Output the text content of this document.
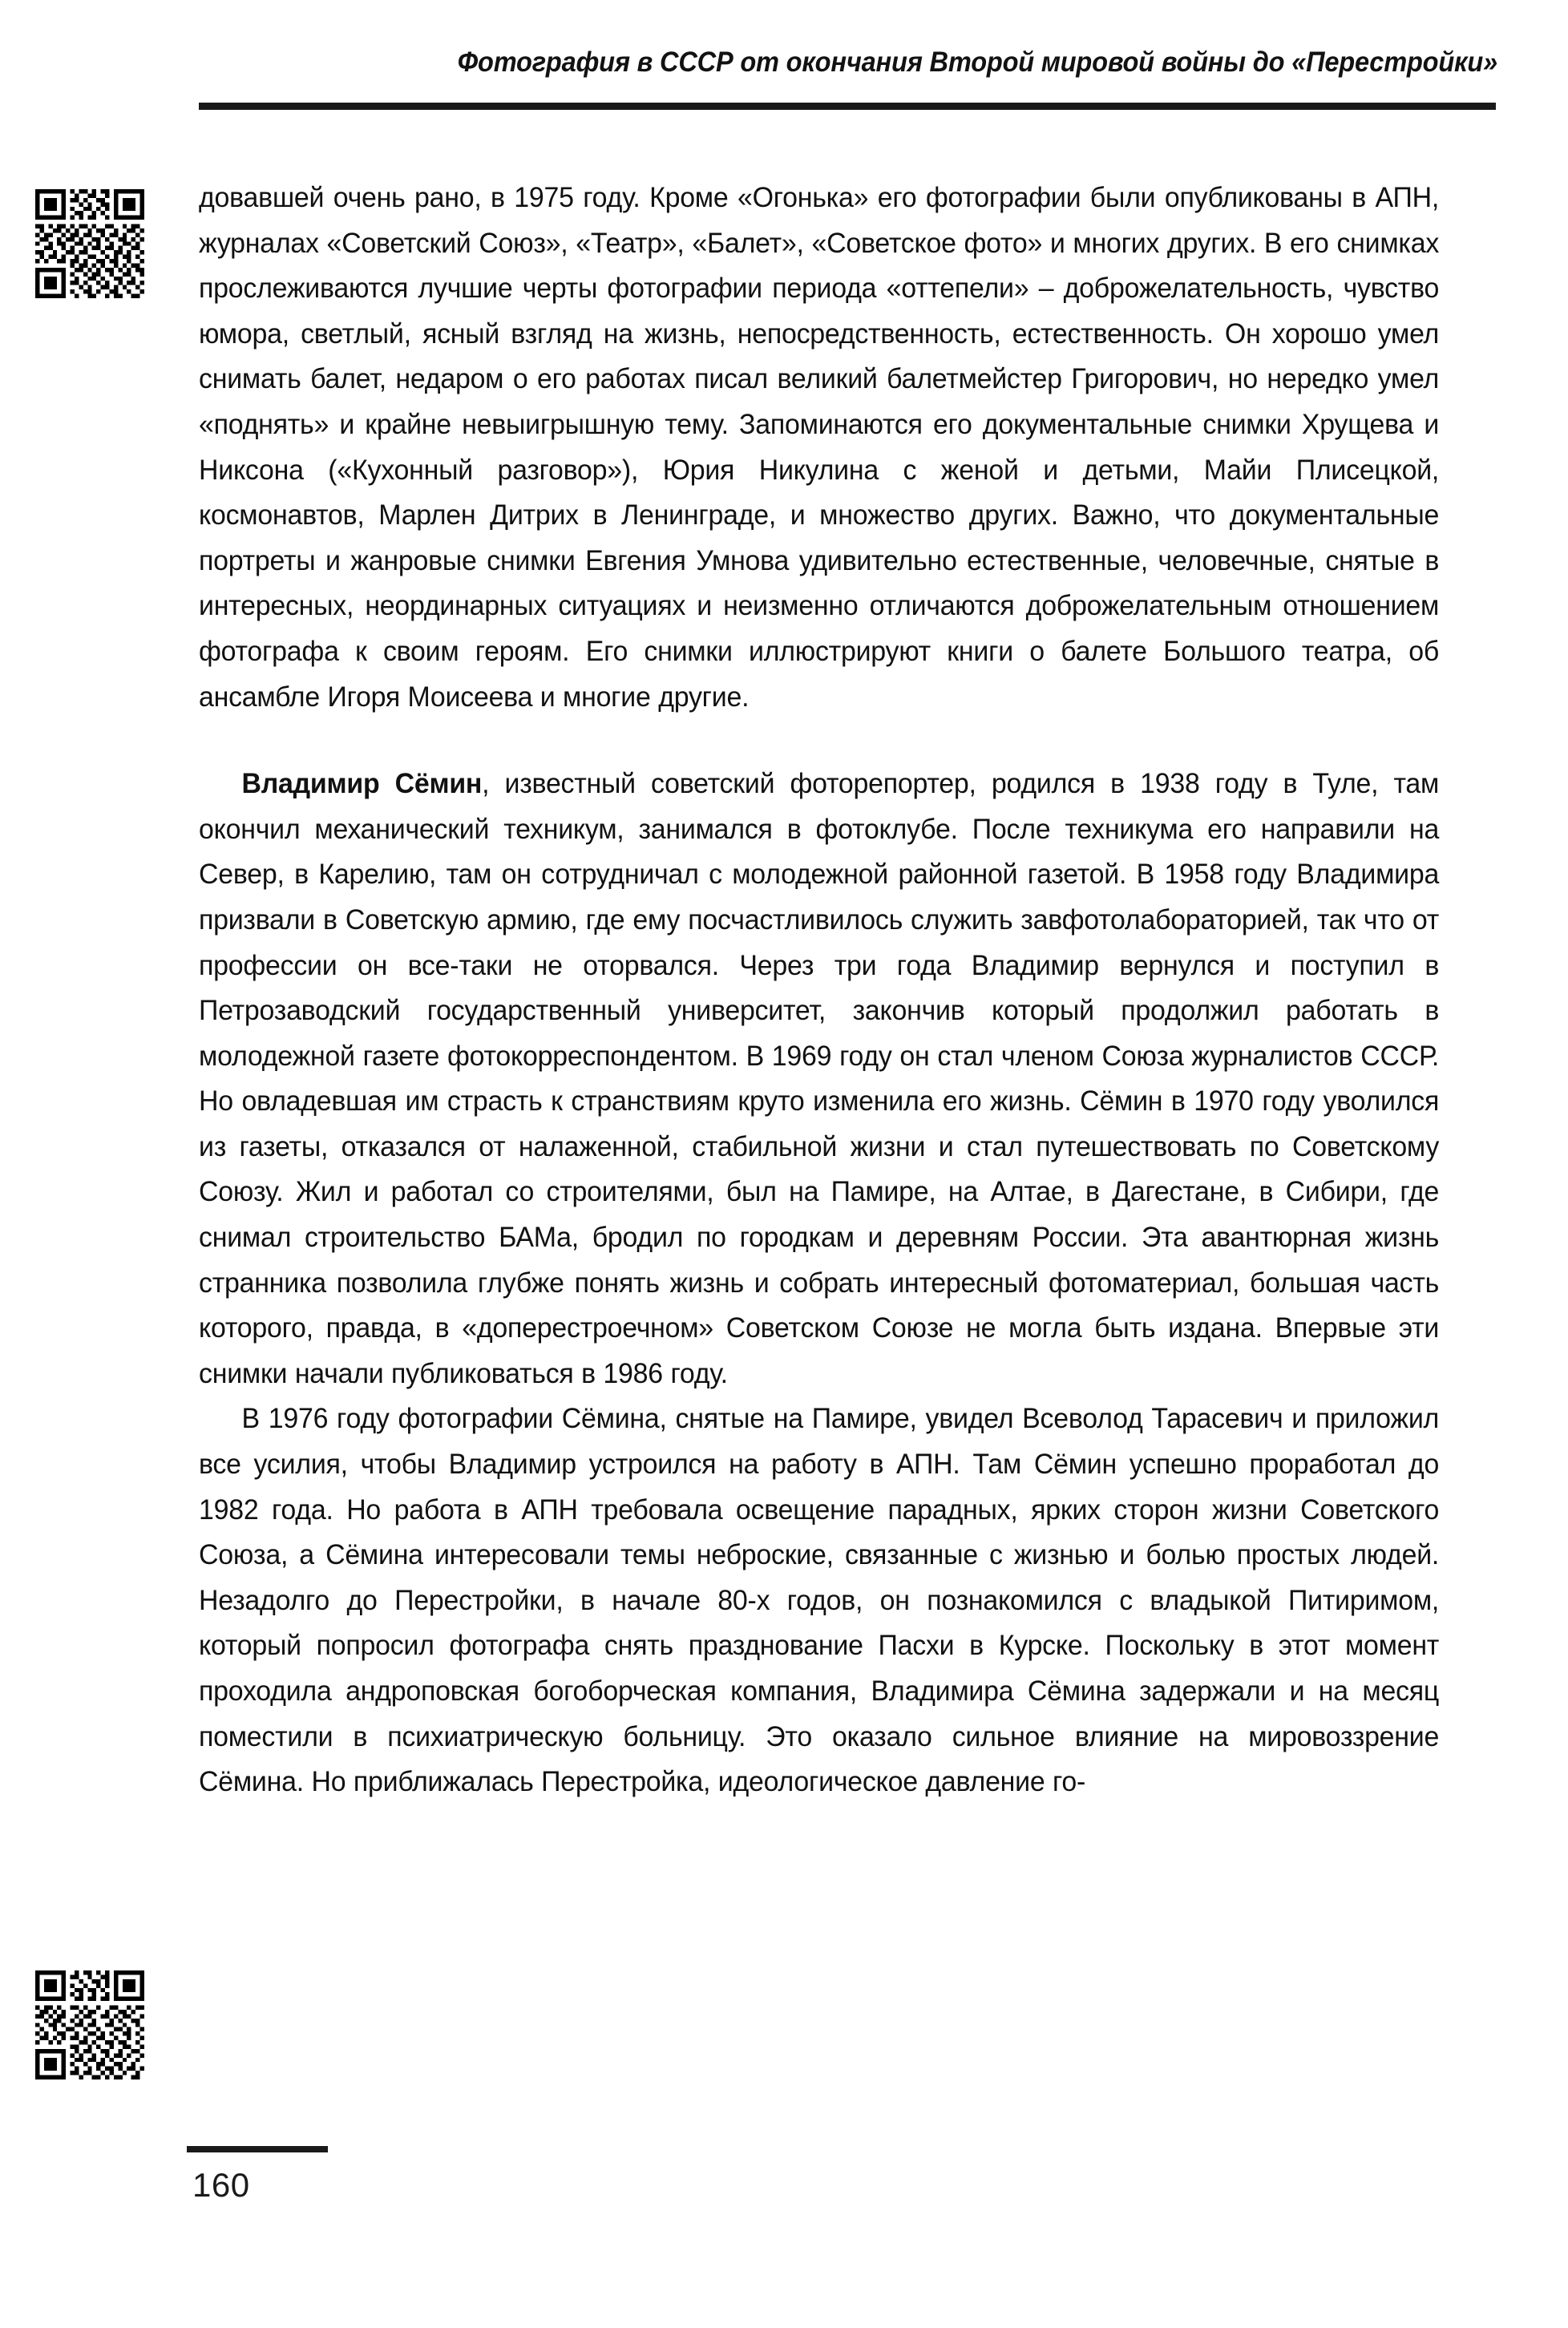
Фотография в СССР от окончания Второй мировой войны до «Перестройки»

довавшей очень рано, в 1975 году. Кроме «Огонька» его фотографии были опубликованы в АПН, журналах «Советский Союз», «Театр», «Балет», «Советское фото» и многих других. В его снимках прослеживаются лучшие черты фотографии периода «оттепели» – доброжелательность, чувство юмора, светлый, ясный взгляд на жизнь, непосредственность, естественность. Он хорошо умел снимать балет, недаром о его работах писал великий балетмейстер Григорович, но нередко умел «поднять» и крайне невыигрышную тему. Запоминаются его документальные снимки Хрущева и Никсона («Кухонный разговор»), Юрия Никулина с женой и детьми, Майи Плисецкой, космонавтов, Марлен Дитрих в Ленинграде, и множество других. Важно, что документальные портреты и жанровые снимки Евгения Умнова удивительно естественные, человечные, снятые в интересных, неординарных ситуациях и неизменно отличаются доброжелательным отношением фотографа к своим героям. Его снимки иллюстрируют книги о балете Большого театра, об ансамбле Игоря Моисеева и многие другие.

Владимир Сёмин, известный советский фоторепортер, родился в 1938 году в Туле, там окончил механический техникум, занимался в фотоклубе. После техникума его направили на Север, в Карелию, там он сотрудничал с молодежной районной газетой. В 1958 году Владимира призвали в Советскую армию, где ему посчастливилось служить завфотолабораторией, так что от профессии он все-таки не оторвался. Через три года Владимир вернулся и поступил в Петрозаводский государственный университет, закончив который продолжил работать в молодежной газете фотокорреспондентом. В 1969 году он стал членом Союза журналистов СССР. Но овладевшая им страсть к странствиям круто изменила его жизнь. Сёмин в 1970 году уволился из газеты, отказался от налаженной, стабильной жизни и стал путешествовать по Советскому Союзу. Жил и работал со строителями, был на Памире, на Алтае, в Дагестане, в Сибири, где снимал строительство БАМа, бродил по городкам и деревням России. Эта авантюрная жизнь странника позволила глубже понять жизнь и собрать интересный фотоматериал, большая часть которого, правда, в «доперестроечном» Советском Союзе не могла быть издана. Впервые эти снимки начали публиковаться в 1986 году.

В 1976 году фотографии Сёмина, снятые на Памире, увидел Всеволод Тарасевич и приложил все усилия, чтобы Владимир устроился на работу в АПН. Там Сёмин успешно проработал до 1982 года. Но работа в АПН требовала освещение парадных, ярких сторон жизни Советского Союза, а Сёмина интересовали темы неброские, связанные с жизнью и болью простых людей. Незадолго до Перестройки, в начале 80-х годов, он познакомился с владыкой Питиримом, который попросил фотографа снять празднование Пасхи в Курске. Поскольку в этот момент проходила андроповская богоборческая компания, Владимира Сёмина задержали и на месяц поместили в психиатрическую больницу. Это оказало сильное влияние на мировоззрение Сёмина. Но приближалась Перестройка, идеологическое давление го-

160
